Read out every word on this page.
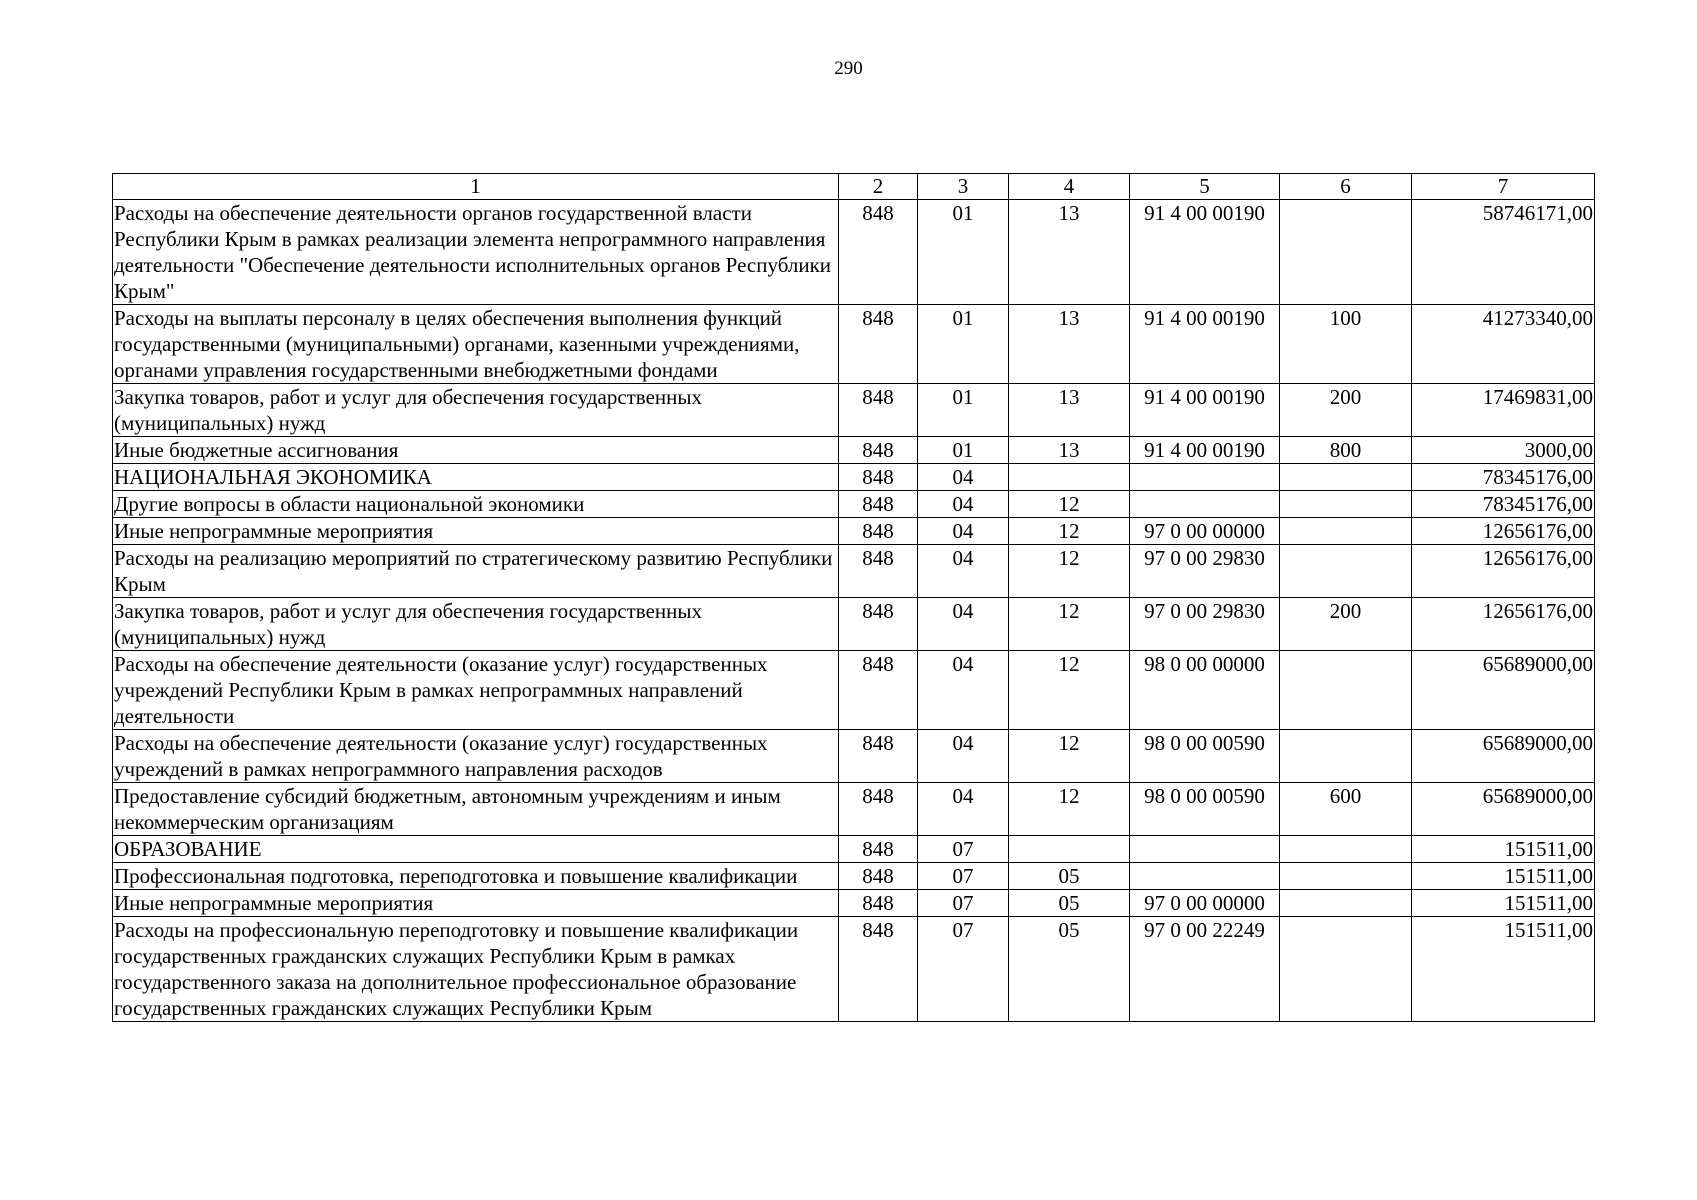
290
1	2	3	4	5	6	7
Расходы на обеспечение деятельности органов государственной власти Республики Крым в рамках реализации элемента непрограммного направления деятельности "Обеспечение деятельности исполнительных органов Республики Крым"	848	01	13	91 4 00 00190		58746171,00
Расходы на выплаты персоналу в целях обеспечения выполнения функций государственными (муниципальными) органами, казенными учреждениями, органами управления государственными внебюджетными фондами	848	01	13	91 4 00 00190	100	41273340,00
Закупка товаров, работ и услуг для обеспечения государственных (муниципальных) нужд	848	01	13	91 4 00 00190	200	17469831,00
Иные бюджетные ассигнования	848	01	13	91 4 00 00190	800	3000,00
НАЦИОНАЛЬНАЯ ЭКОНОМИКА	848	04				78345176,00
Другие вопросы в области национальной экономики	848	04	12			78345176,00
Иные непрограммные мероприятия	848	04	12	97 0 00 00000		12656176,00
Расходы на реализацию мероприятий по стратегическому развитию Республики Крым	848	04	12	97 0 00 29830		12656176,00
Закупка товаров, работ и услуг для обеспечения государственных (муниципальных) нужд	848	04	12	97 0 00 29830	200	12656176,00
Расходы на обеспечение деятельности (оказание услуг) государственных учреждений Республики Крым в рамках непрограммных направлений деятельности	848	04	12	98 0 00 00000		65689000,00
Расходы на обеспечение деятельности (оказание услуг) государственных учреждений в рамках непрограммного направления расходов	848	04	12	98 0 00 00590		65689000,00
Предоставление субсидий бюджетным, автономным учреждениям и иным некоммерческим организациям	848	04	12	98 0 00 00590	600	65689000,00
ОБРАЗОВАНИЕ	848	07				151511,00
Профессиональная подготовка, переподготовка и повышение квалификации	848	07	05			151511,00
Иные непрограммные мероприятия	848	07	05	97 0 00 00000		151511,00
Расходы на профессиональную переподготовку и повышение квалификации государственных гражданских служащих Республики Крым в рамках государственного заказа на дополнительное профессиональное образование государственных гражданских служащих Республики Крым	848	07	05	97 0 00 22249		151511,00
